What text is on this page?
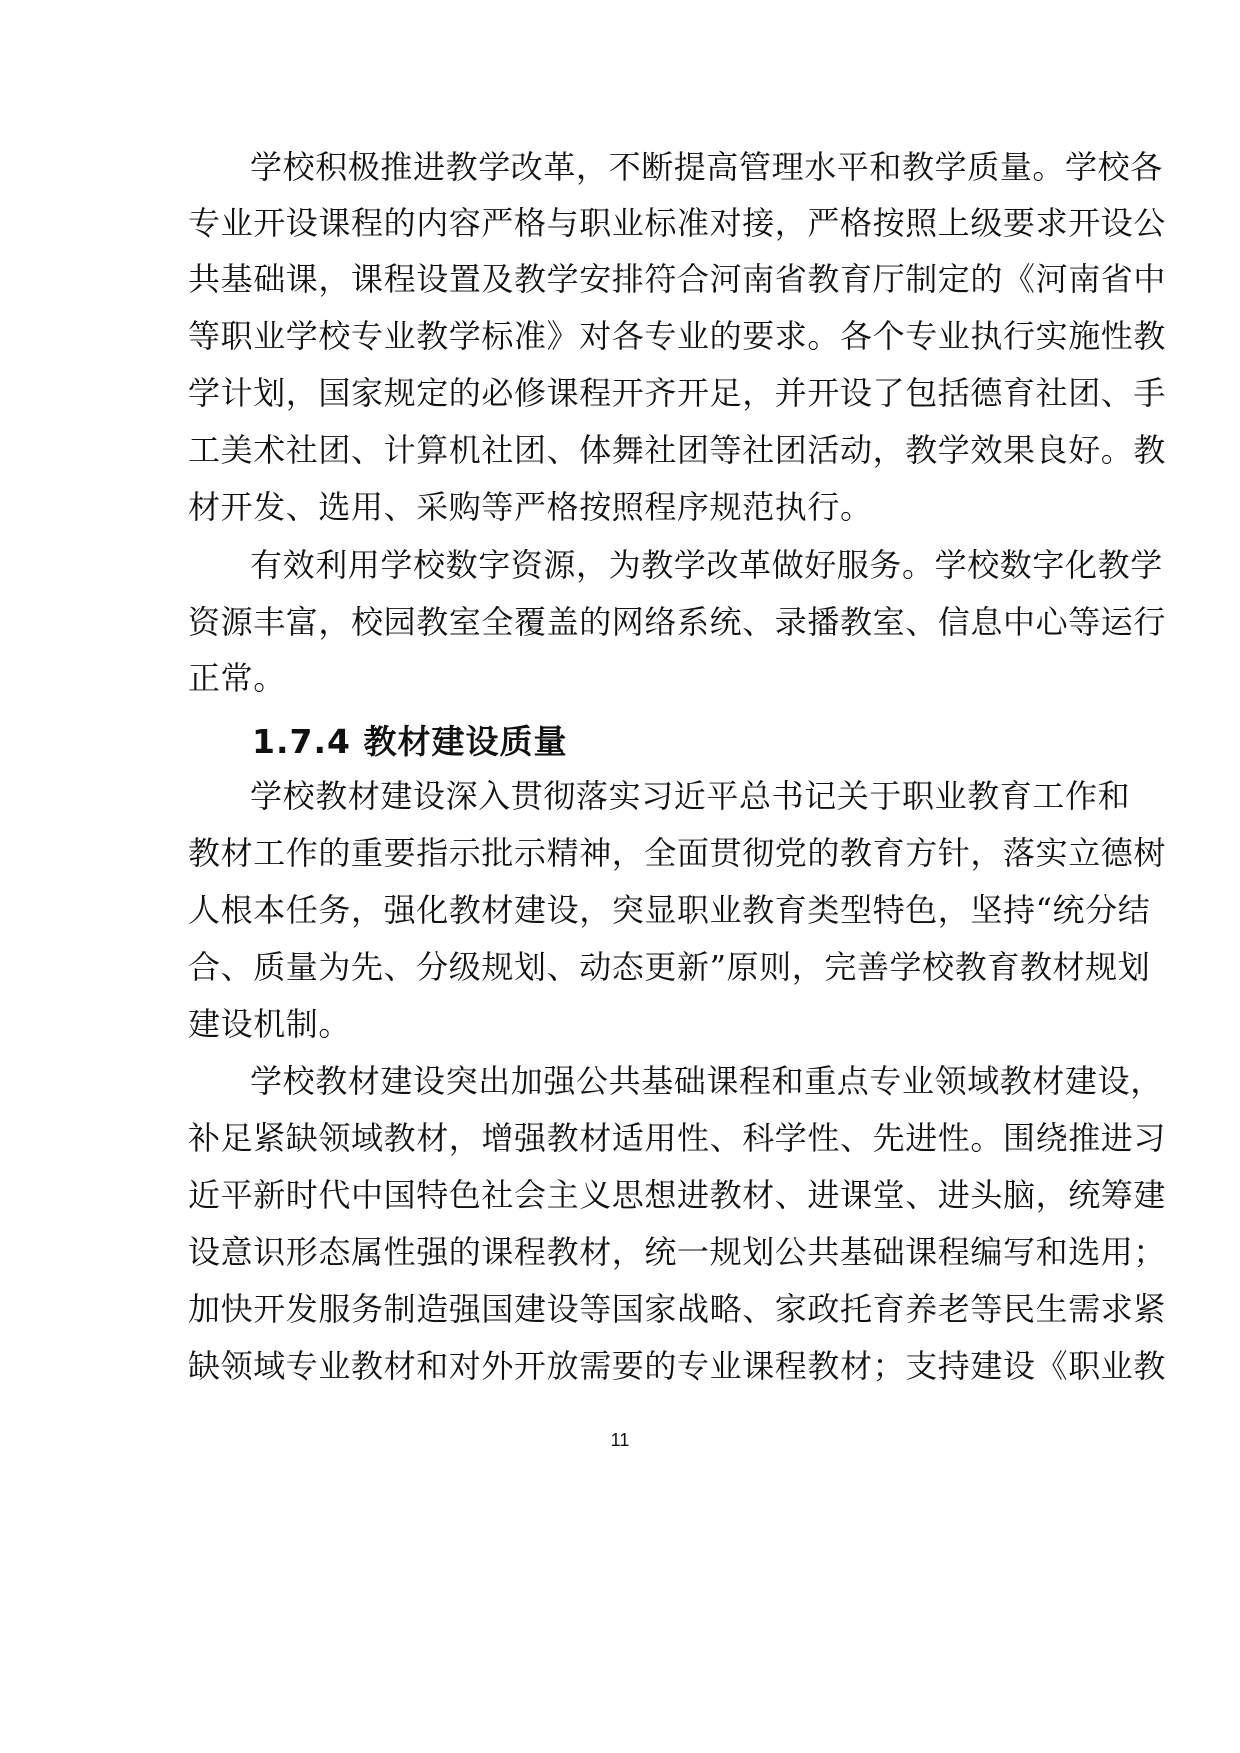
学校积极推进教学改革，不断提高管理水平和教学质量。学校各
专业开设课程的内容严格与职业标准对接，严格按照上级要求开设公
共基础课，课程设置及教学安排符合河南省教育厅制定的《河南省中
等职业学校专业教学标准》对各专业的要求。各个专业执行实施性教
学计划，国家规定的必修课程开齐开足，并开设了包括德育社团、手
工美术社团、计算机社团、体舞社团等社团活动，教学效果良好。教
材开发、选用、采购等严格按照程序规范执行。
有效利用学校数字资源，为教学改革做好服务。学校数字化教学
资源丰富，校园教室全覆盖的网络系统、录播教室、信息中心等运行
正常。
1.7.4 教材建设质量
学校教材建设深入贯彻落实习近平总书记关于职业教育工作和
教材工作的重要指示批示精神，全面贯彻党的教育方针，落实立德树
人根本任务，强化教材建设，突显职业教育类型特色，坚持“统分结
合、质量为先、分级规划、动态更新”原则，完善学校教育教材规划
建设机制。
学校教材建设突出加强公共基础课程和重点专业领域教材建设，
补足紧缺领域教材，增强教材适用性、科学性、先进性。围绕推进习
近平新时代中国特色社会主义思想进教材、进课堂、进头脑，统筹建
设意识形态属性强的课程教材，统一规划公共基础课程编写和选用；
加快开发服务制造强国建设等国家战略、家政托育养老等民生需求紧
缺领域专业教材和对外开放需要的专业课程教材；支持建设《职业教
11
